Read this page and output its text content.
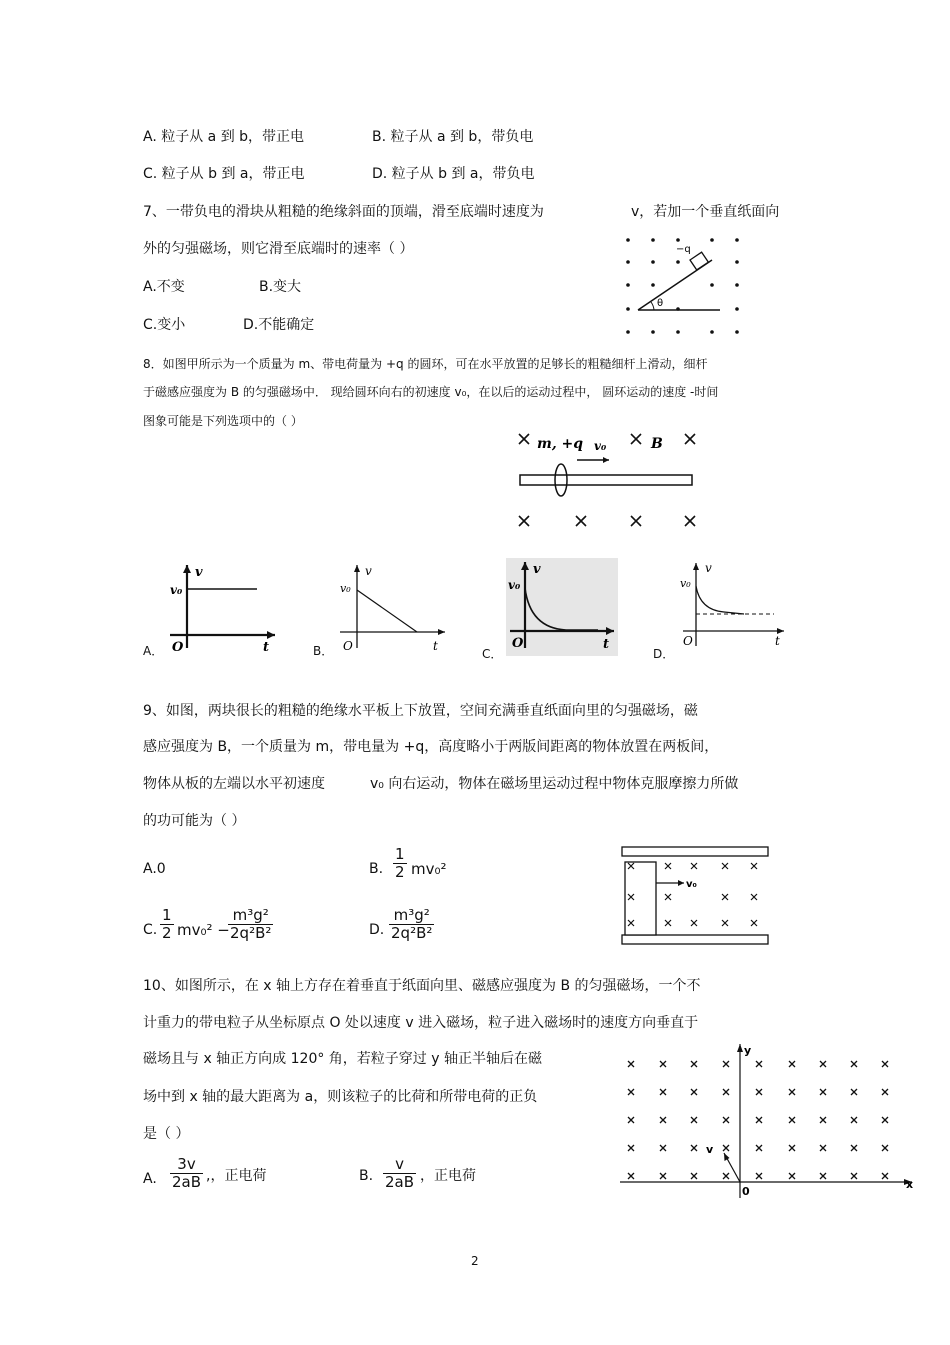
A. 粒子从 a 到 b，带正电	B. 粒子从 a 到 b，带负电
C. 粒子从 b 到 a，带正电	D. 粒子从 b 到 a，带负电
7、一带负电的滑块从粗糙的绝缘斜面的顶端，滑至底端时速度为	v，若加一个垂直纸面向
外的匀强磁场，则它滑至底端时的速率（ ）
A.不变	B.变大
C.变小	D.不能确定
−q
θ
8．如图甲所示为一个质量为 m、带电荷量为 +q 的圆环，可在水平放置的足够长的粗糙细杆上滑动，细杆
于磁感应强度为 B 的匀强磁场中． 现给圆环向右的初速度 v₀，在以后的运动过程中， 圆环运动的速度 -时间
图象可能是下列选项中的（ ）
m, +q v₀	B
v
v₀
O	t
A．
v
v₀
O	t
B．
v
v₀
O	t
C．
v
v₀
O	t
D．
9、如图，两块很长的粗糙的绝缘水平板上下放置，空间充满垂直纸面向里的匀强磁场，磁
感应强度为 B，一个质量为 m，带电量为 +q，高度略小于两版间距离的物体放置在两板间，
物体从板的左端以水平初速度	v₀ 向右运动，物体在磁场里运动过程中物体克服摩擦力所做
的功可能为（ ）
A.0	B. $\frac{1}{2} mv_0^2$
C. $\frac{1}{2} mv_0^2$ −
$\frac{\text{m³g²}}{\text{2q²B²}}$	D. $\frac{\text{m³g²}}{\text{2q²B²}}$
v₀
10、如图所示，在 x 轴上方存在着垂直于纸面向里、磁感应强度为 B 的匀强磁场，一个不
计重力的带电粒子从坐标原点 O 处以速度 v 进入磁场，粒子进入磁场时的速度方向垂直于
磁场且与 x 轴正方向成 120° 角，若粒子穿过 y 轴正半轴后在磁
场中到 x 轴的最大距离为 a，则该粒子的比荷和所带电荷的正负
是（ ）
A. $\frac{3v}{2aB}$ ,，正电荷	B. $\frac{v}{2aB}$ ，正电荷
v
y
x
0
2
